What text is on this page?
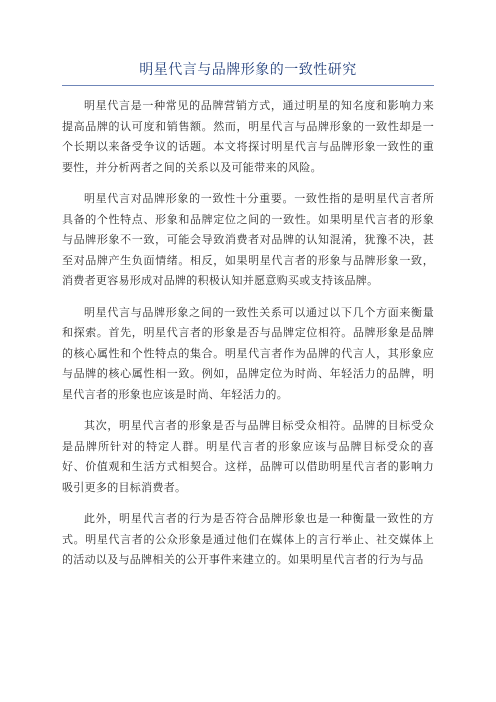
明星代言与品牌形象的一致性研究

明星代言是一种常见的品牌营销方式，通过明星的知名度和影响力来提高品牌的认可度和销售额。然而，明星代言与品牌形象的一致性却是一个长期以来备受争议的话题。本文将探讨明星代言与品牌形象一致性的重要性，并分析两者之间的关系以及可能带来的风险。

明星代言对品牌形象的一致性十分重要。一致性指的是明星代言者所具备的个性特点、形象和品牌定位之间的一致性。如果明星代言者的形象与品牌形象不一致，可能会导致消费者对品牌的认知混淆，犹豫不决，甚至对品牌产生负面情绪。相反，如果明星代言者的形象与品牌形象一致，消费者更容易形成对品牌的积极认知并愿意购买或支持该品牌。

明星代言与品牌形象之间的一致性关系可以通过以下几个方面来衡量和探索。首先，明星代言者的形象是否与品牌定位相符。品牌形象是品牌的核心属性和个性特点的集合。明星代言者作为品牌的代言人，其形象应与品牌的核心属性相一致。例如，品牌定位为时尚、年轻活力的品牌，明星代言者的形象也应该是时尚、年轻活力的。

其次，明星代言者的形象是否与品牌目标受众相符。品牌的目标受众是品牌所针对的特定人群。明星代言者的形象应该与品牌目标受众的喜好、价值观和生活方式相契合。这样，品牌可以借助明星代言者的影响力吸引更多的目标消费者。

此外，明星代言者的行为是否符合品牌形象也是一种衡量一致性的方式。明星代言者的公众形象是通过他们在媒体上的言行举止、社交媒体上的活动以及与品牌相关的公开事件来建立的。如果明星代言者的行为与品
